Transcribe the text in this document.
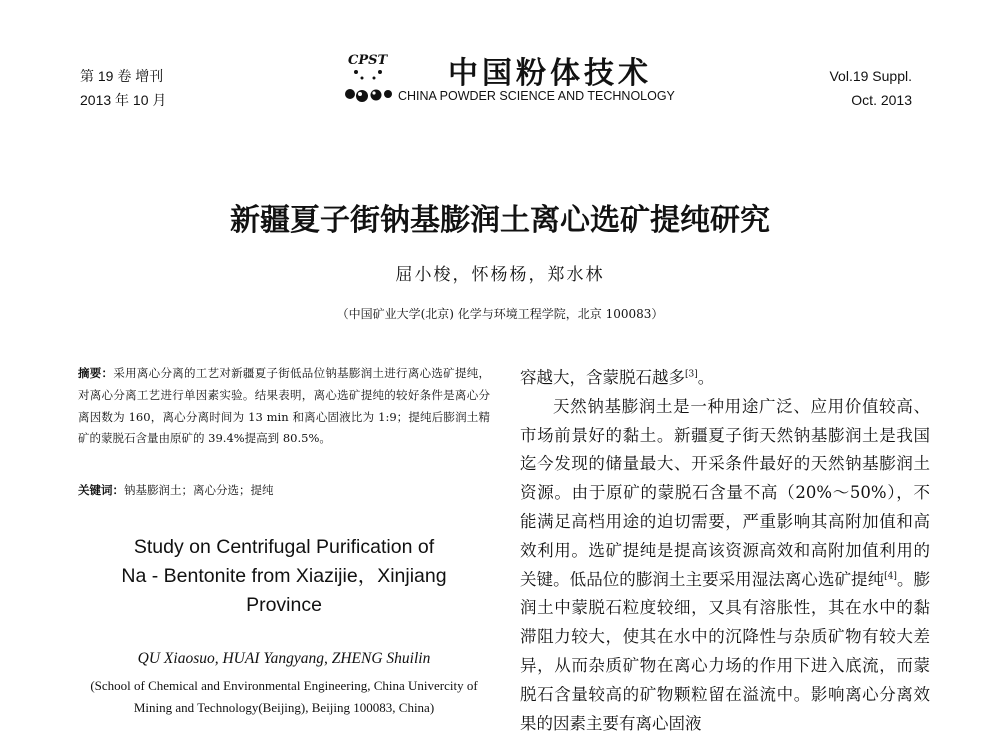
第 19 卷 增刊
2013 年 10 月
CPST 中国粉体技术
CHINA POWDER SCIENCE AND TECHNOLOGY
Vol.19 Suppl.
Oct. 2013
新疆夏子街钠基膨润土离心选矿提纯研究
屈小梭，怀杨杨，郑水林
（中国矿业大学(北京) 化学与环境工程学院，北京 100083）
摘要：采用离心分离的工艺对新疆夏子街低品位钠基膨润土进行离心选矿提纯，对离心分离工艺进行单因素实验。结果表明，离心选矿提纯的较好条件是离心分离因数为 160，离心分离时间为 13 min 和离心固液比为 1:9；提纯后膨润土精矿的蒙脱石含量由原矿的 39.4%提高到 80.5%。
关键词：钠基膨润土；离心分选；提纯
Study on Centrifugal Purification of
Na - Bentonite from Xiazijie，Xinjiang
Province
QU Xiaosuo, HUAI Yangyang, ZHENG Shuilin
(School of Chemical and Environmental Engineering, China Univercity of
Mining and Technology(Beijing), Beijing 100083, China)

容越大，含蒙脱石越多[3]。

天然钠基膨润土是一种用途广泛、应用价值较高、市场前景好的黏土。新疆夏子街天然钠基膨润土是我国迄今发现的储量最大、开采条件最好的天然钠基膨润土资源。由于原矿的蒙脱石含量不高（20%～50%），不能满足高档用途的迫切需要，严重影响其高附加值和高效利用。选矿提纯是提高该资源高效和高附加值利用的关键。低品位的膨润土主要采用湿法离心选矿提纯[4]。膨润土中蒙脱石粒度较细，又具有溶胀性，其在水中的黏滞阻力较大，使其在水中的沉降性与杂质矿物有较大差异，从而杂质矿物在离心力场的作用下进入底流，而蒙脱石含量较高的矿物颗粒留在溢流中。影响离心分离效果的因素主要有离心固液
